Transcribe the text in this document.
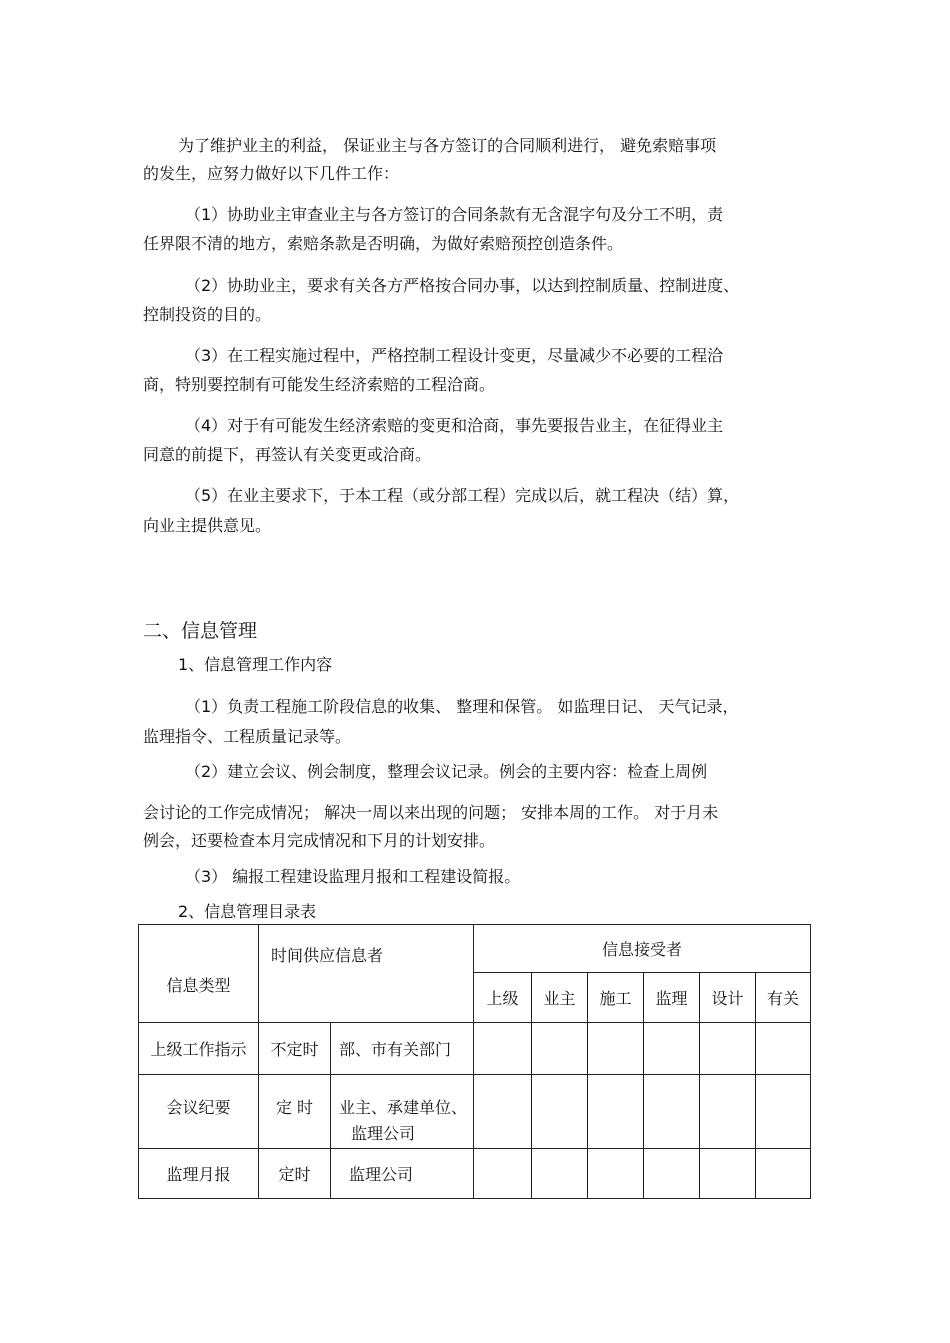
为了维护业主的利益， 保证业主与各方签订的合同顺利进行， 避免索赔事项
的发生，应努力做好以下几件工作：
（1）协助业主审查业主与各方签订的合同条款有无含混字句及分工不明，责
任界限不清的地方，索赔条款是否明确，为做好索赔预控创造条件。
（2）协助业主，要求有关各方严格按合同办事，以达到控制质量、控制进度、
控制投资的目的。
（3）在工程实施过程中，严格控制工程设计变更，尽量减少不必要的工程洽
商，特别要控制有可能发生经济索赔的工程洽商。
（4）对于有可能发生经济索赔的变更和洽商，事先要报告业主，在征得业主
同意的前提下，再签认有关变更或洽商。
（5）在业主要求下，于本工程（或分部工程）完成以后，就工程决（结）算，
向业主提供意见。
二、信息管理
1、信息管理工作内容
（1）负责工程施工阶段信息的收集、 整理和保管。 如监理日记、 天气记录，
监理指令、工程质量记录等。
（2）建立会议、例会制度，整理会议记录。例会的主要内容：检查上周例
会讨论的工作完成情况； 解决一周以来出现的问题； 安排本周的工作。 对于月未
例会，还要检查本月完成情况和下月的计划安排。
（3） 编报工程建设监理月报和工程建设简报。
2、信息管理目录表
信息类型	时间供应信息者		信息接受者					
			上级	业主	施工	监理	设计	有关
上级工作指示	不定时	部、市有关部门						

会议纪要	定 时	业主、承建单位、
监理公司						

监理月报	定时	监理公司						
